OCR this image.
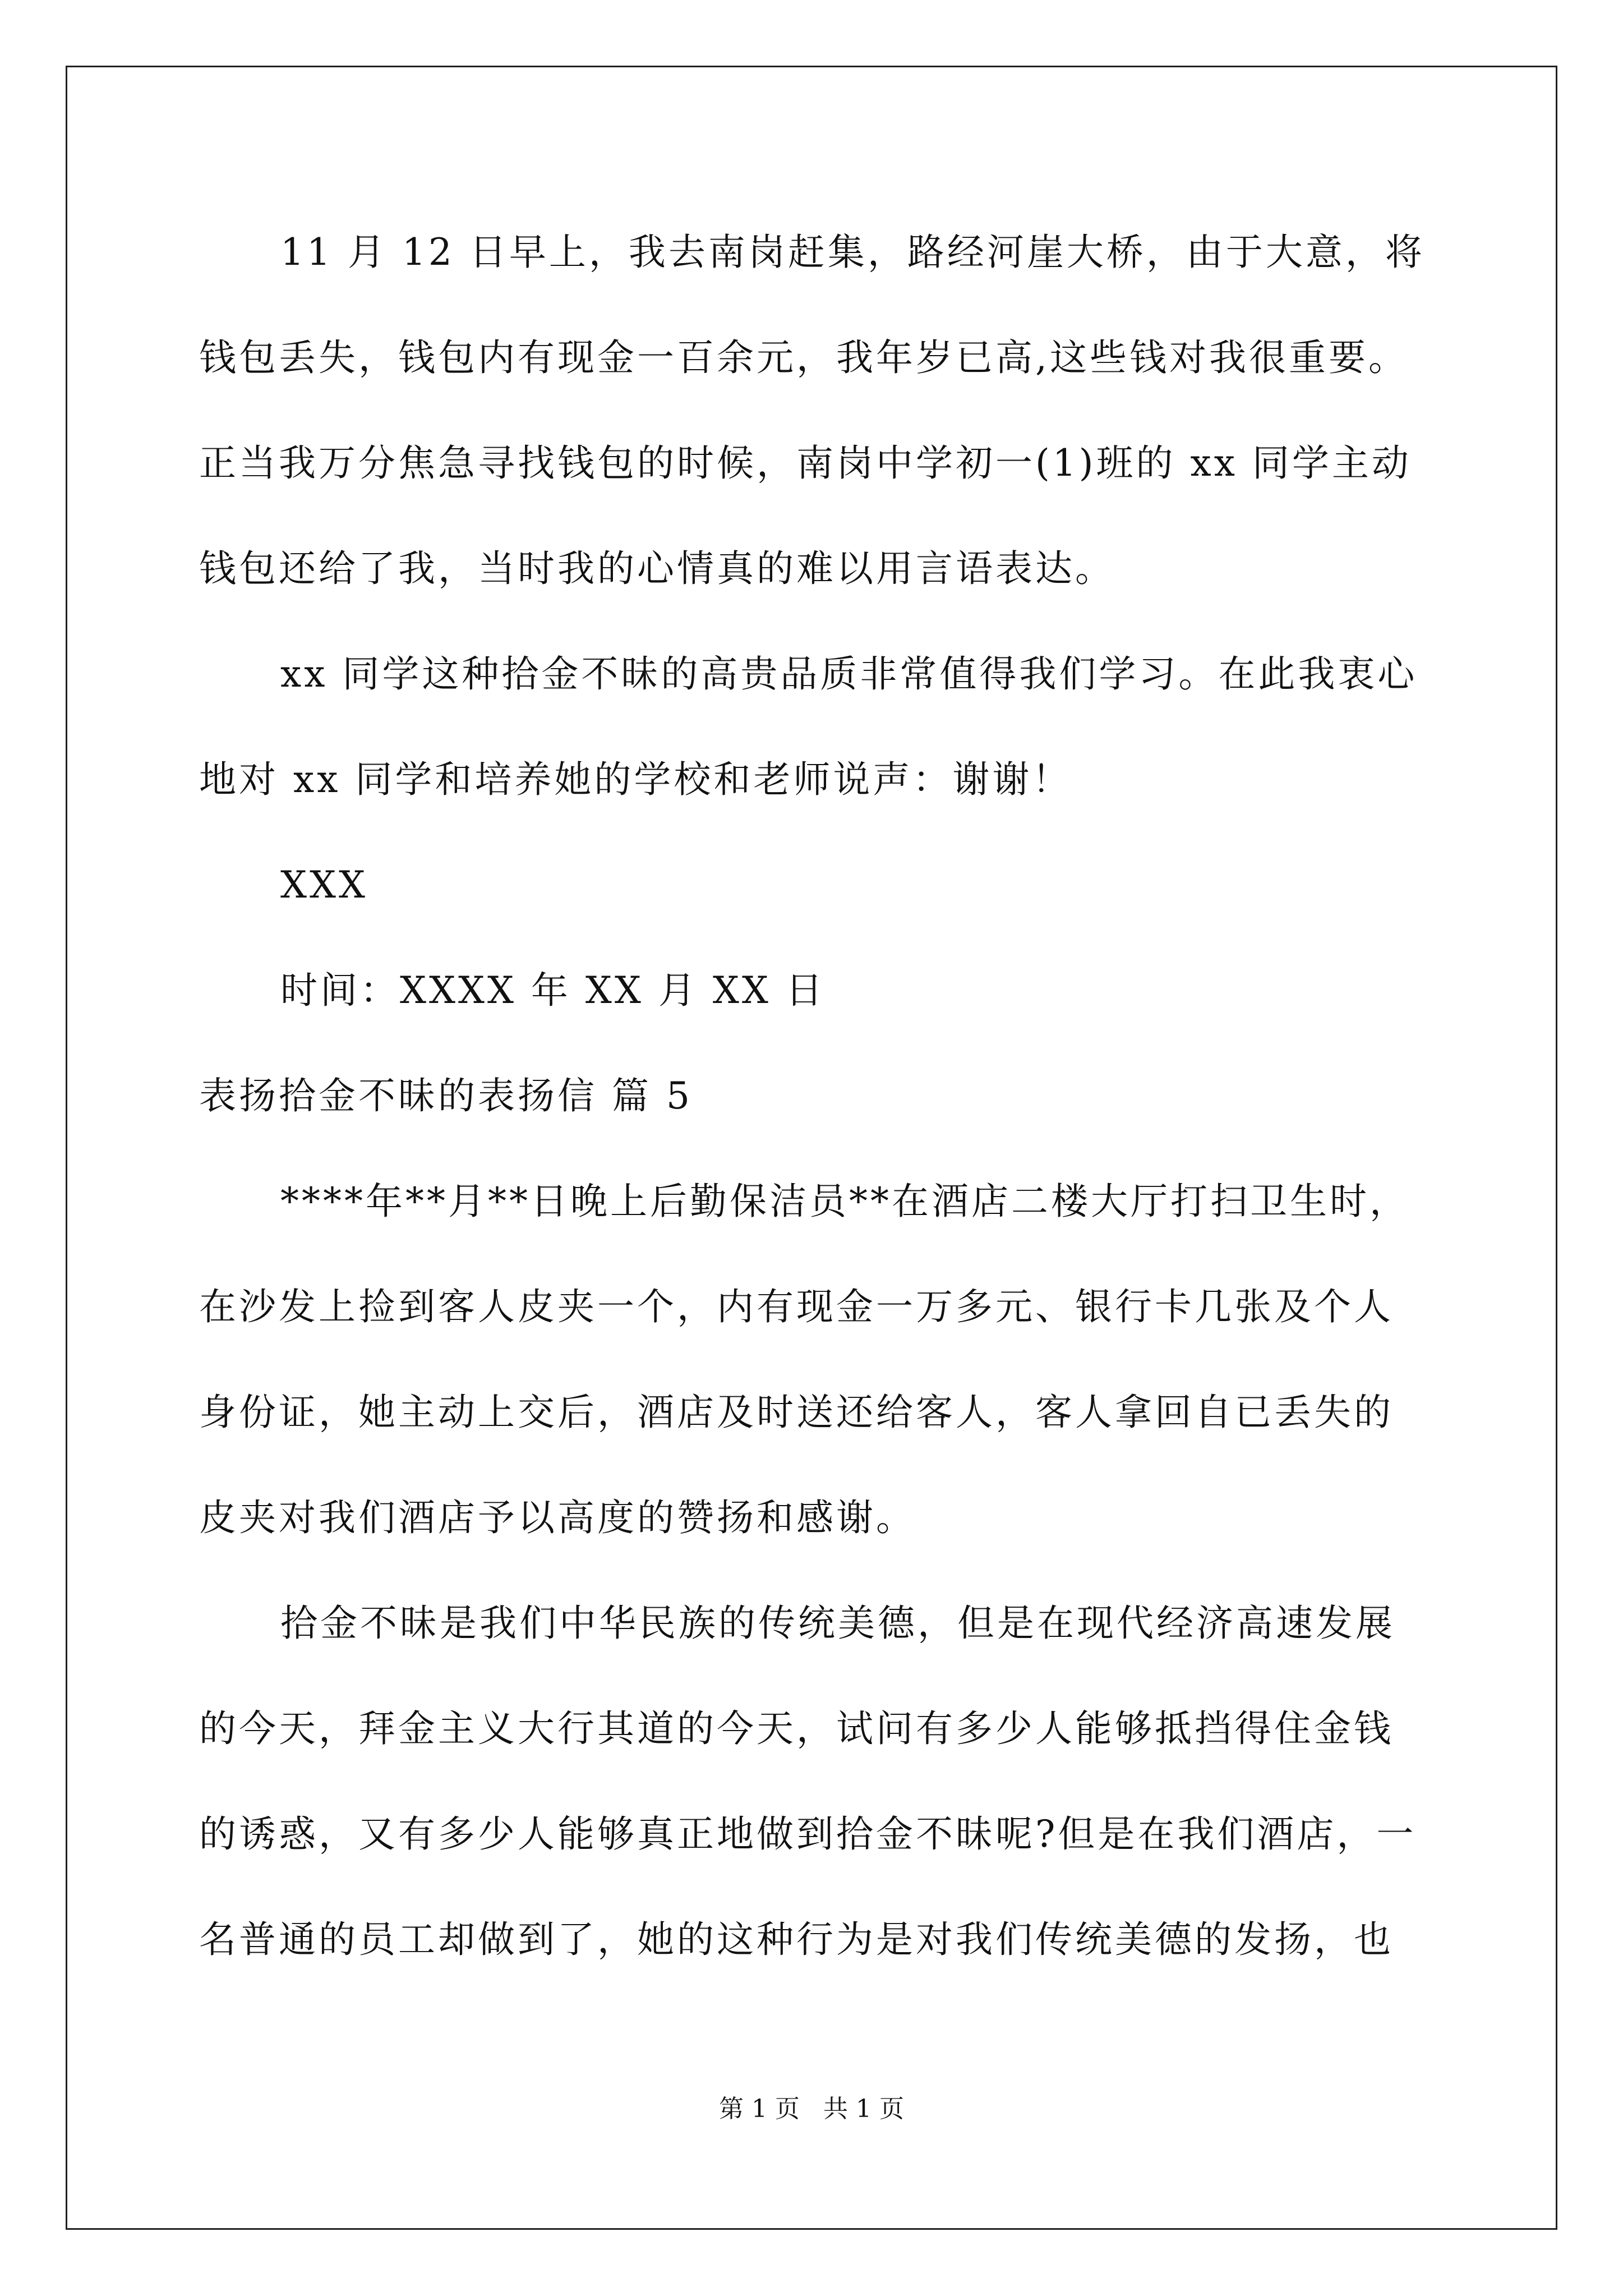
11 月 12 日早上，我去南岗赶集，路经河崖大桥，由于大意，将
钱包丢失，钱包内有现金一百余元，我年岁已高,这些钱对我很重要。
正当我万分焦急寻找钱包的时候，南岗中学初一(1)班的 xx 同学主动
钱包还给了我，当时我的心情真的难以用言语表达。
xx 同学这种拾金不昧的高贵品质非常值得我们学习。在此我衷心
地对 xx 同学和培养她的学校和老师说声：谢谢！
XXX
时间：XXXX 年 XX 月 XX 日
表扬拾金不昧的表扬信 篇 5
****年**月**日晚上后勤保洁员**在酒店二楼大厅打扫卫生时，
在沙发上捡到客人皮夹一个，内有现金一万多元、银行卡几张及个人
身份证，她主动上交后，酒店及时送还给客人，客人拿回自已丢失的
皮夹对我们酒店予以高度的赞扬和感谢。
拾金不昧是我们中华民族的传统美德，但是在现代经济高速发展
的今天，拜金主义大行其道的今天，试问有多少人能够抵挡得住金钱
的诱惑，又有多少人能够真正地做到拾金不昧呢?但是在我们酒店，一
名普通的员工却做到了，她的这种行为是对我们传统美德的发扬，也
第 1 页   共 1 页
